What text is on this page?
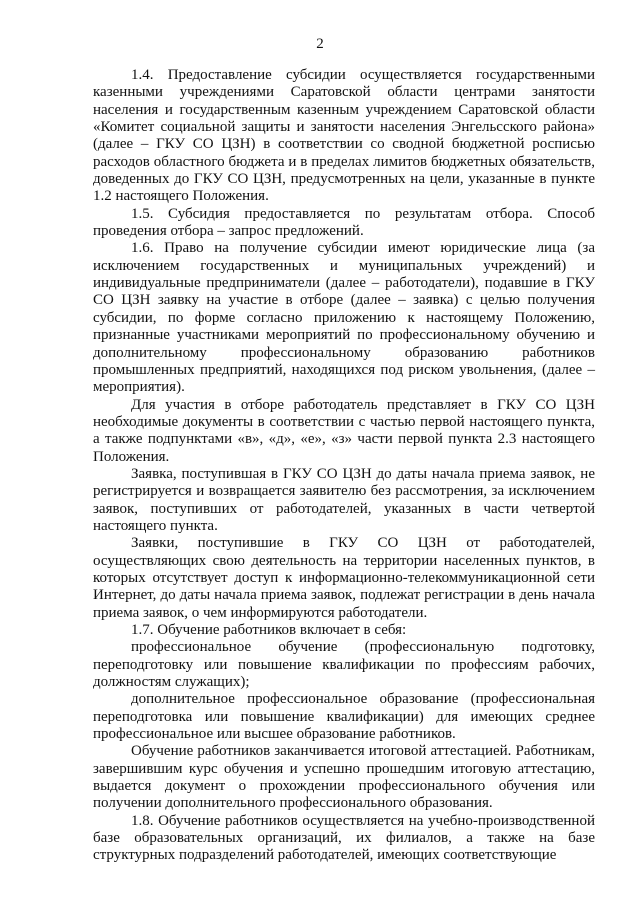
2

1.4. Предоставление субсидии осуществляется государственными казенными учреждениями Саратовской области центрами занятости населения и государственным казенным учреждением Саратовской области «Комитет социальной защиты и занятости населения Энгельсского района» (далее – ГКУ СО ЦЗН) в соответствии со сводной бюджетной росписью расходов областного бюджета и в пределах лимитов бюджетных обязательств, доведенных до ГКУ СО ЦЗН, предусмотренных на цели, указанные в пункте 1.2 настоящего Положения.

1.5. Субсидия предоставляется по результатам отбора. Способ проведения отбора – запрос предложений.

1.6. Право на получение субсидии имеют юридические лица (за исключением государственных и муниципальных учреждений) и индивидуальные предприниматели (далее – работодатели), подавшие в ГКУ СО ЦЗН заявку на участие в отборе (далее – заявка) с целью получения субсидии, по форме согласно приложению к настоящему Положению, признанные участниками мероприятий по профессиональному обучению и дополнительному профессиональному образованию работников промышленных предприятий, находящихся под риском увольнения, (далее – мероприятия).

Для участия в отборе работодатель представляет в ГКУ СО ЦЗН необходимые документы в соответствии с частью первой настоящего пункта, а также подпунктами «в», «д», «е», «з» части первой пункта 2.3 настоящего Положения.

Заявка, поступившая в ГКУ СО ЦЗН до даты начала приема заявок, не регистрируется и возвращается заявителю без рассмотрения, за исключением заявок, поступивших от работодателей, указанных в части четвертой настоящего пункта.

Заявки, поступившие в ГКУ СО ЦЗН от работодателей, осуществляющих свою деятельность на территории населенных пунктов, в которых отсутствует доступ к информационно-телекоммуникационной сети Интернет, до даты начала приема заявок, подлежат регистрации в день начала приема заявок, о чем информируются работодатели.

1.7. Обучение работников включает в себя:

профессиональное обучение (профессиональную подготовку, переподготовку или повышение квалификации по профессиям рабочих, должностям служащих);

дополнительное профессиональное образование (профессиональная переподготовка или повышение квалификации) для имеющих среднее профессиональное или высшее образование работников.

Обучение работников заканчивается итоговой аттестацией. Работникам, завершившим курс обучения и успешно прошедшим итоговую аттестацию, выдается документ о прохождении профессионального обучения или получении дополнительного профессионального образования.

1.8. Обучение работников осуществляется на учебно-производственной базе образовательных организаций, их филиалов, а также на базе структурных подразделений работодателей, имеющих соответствующие
